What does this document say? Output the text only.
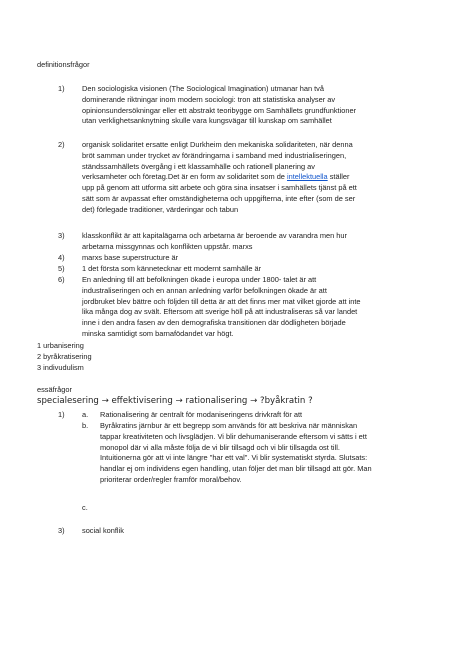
definitionsfrågor
1) Den sociologiska visionen (The Sociological Imagination) utmanar han två
dominerande riktningar inom modern sociologi: tron att statistiska analyser av
opinionsundersökningar eller ett abstrakt teoribygge om Samhällets grundfunktioner
utan verklighetsanknytning skulle vara kungsvägar till kunskap om samhället
2) organisk solidaritet ersatte enligt Durkheim den mekaniska solidariteten, när denna
bröt samman under trycket av förändringarna i samband med industrialiseringen,
ständssamhällets övergång i ett klassamhälle och rationell planering av
verksamheter och företag.Det är en form av solidaritet som de intellektuella ställer
upp på genom att utforma sitt arbete och göra sina insatser i samhällets tjänst på ett
sätt som är avpassat efter omständigheterna och uppgifterna, inte efter (som de ser
det) förlegade traditioner, värderingar och tabun
3) klasskonflikt är att kapitalägarna och arbetarna är beroende av varandra men hur
arbetarna missgynnas och konflikten uppstår. marxs
4) marxs base superstructure är
5) 1 det första som kännetecknar ett modernt samhälle är
6) En anledning till att befolkningen ökade i europa under 1800- talet är att
industraliseringen och en annan anledning varför befolkningen ökade är att
jordbruket blev bättre och följden till detta är att det finns mer mat vilket gjorde att inte
lika många dog av svält. Eftersom att sverige höll på att industraliseras så var landet
inne i den andra fasen av den demografiska transitionen där dödligheten började
minska samtidigt som barnafödandet var högt.
1 urbanisering
2 byråkratisering
3 indivudulism
essäfrågor
specialesering → effektivisering → rationalisering → ?byåkratin ?
1) a. Rationalisering är centralt för modaniseringens drivkraft för att
b. Byråkratins järnbur är ett begrepp som används för att beskriva när människan
tappar kreativiteten och livsglädjen. Vi blir dehumaniserande eftersom vi sätts i ett
monopol där vi alla måste följa de vi blir tillsagd och vi blir tillsagda ost till.
Intuitionerna gör att vi inte längre "har ett val". Vi blir systematiskt styrda. Slutsats:
handlar ej om individens egen handling, utan följer det man blir tillsagd att gör. Man
prioriterar order/regler framför moral/behov.
c.
3) social konflik
